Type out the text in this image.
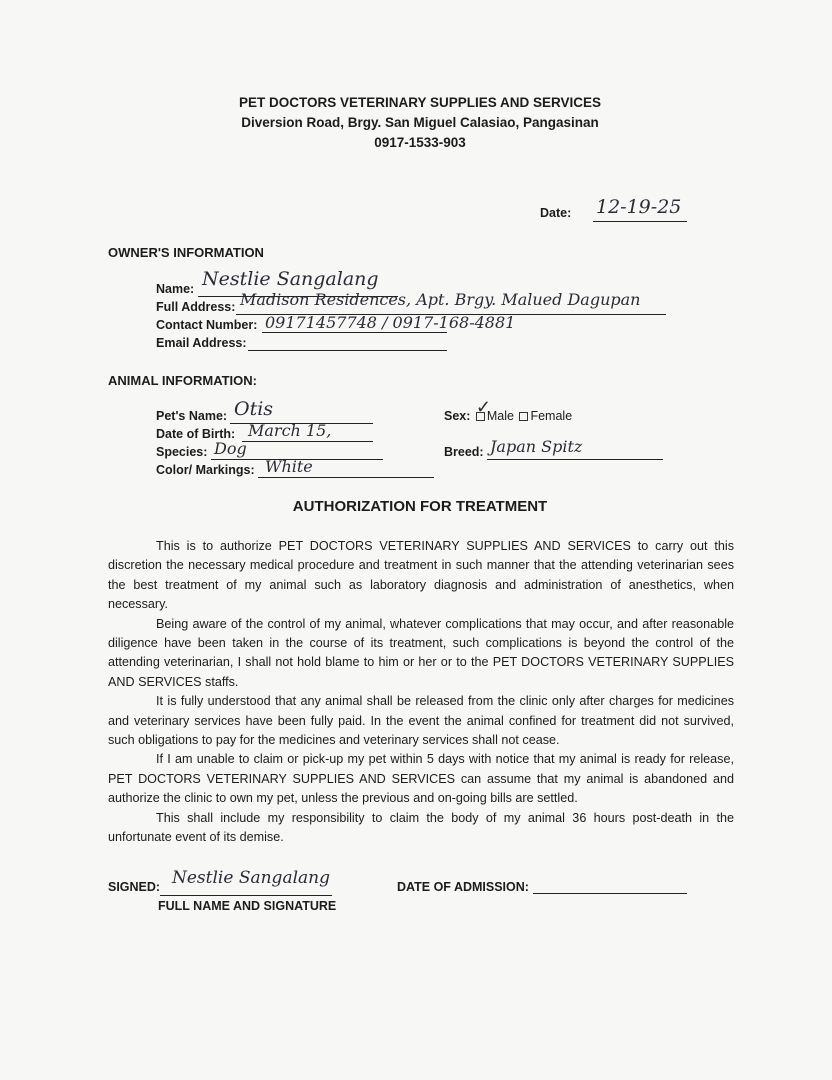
PET DOCTORS VETERINARY SUPPLIES AND SERVICES
Diversion Road, Brgy. San Miguel Calasiao, Pangasinan
0917-1533-903
Date: 12-19-25
OWNER'S INFORMATION
Name: Nestlie Sangalang
Full Address: Madison Residences, Apt. Brgy. Malued Dagupan
Contact Number: 09171457748 / 0917-168-4881
Email Address:
ANIMAL INFORMATION:
Pet's Name: Otis
Date of Birth: March 15,
Species: Dog
Color/ Markings: White
Sex: ✓
Male Female
Breed: Japan Spitz
AUTHORIZATION FOR TREATMENT

This is to authorize PET DOCTORS VETERINARY SUPPLIES AND SERVICES to carry out this discretion the necessary medical procedure and treatment in such manner that the attending veterinarian sees the best treatment of my animal such as laboratory diagnosis and administration of anesthetics, when necessary.

Being aware of the control of my animal, whatever complications that may occur, and after reasonable diligence have been taken in the course of its treatment, such complications is beyond the control of the attending veterinarian, I shall not hold blame to him or her or to the PET DOCTORS VETERINARY SUPPLIES AND SERVICES staffs.

It is fully understood that any animal shall be released from the clinic only after charges for medicines and veterinary services have been fully paid. In the event the animal confined for treatment did not survived, such obligations to pay for the medicines and veterinary services shall not cease.

If I am unable to claim or pick-up my pet within 5 days with notice that my animal is ready for release, PET DOCTORS VETERINARY SUPPLIES AND SERVICES can assume that my animal is abandoned and authorize the clinic to own my pet, unless the previous and on-going bills are settled.

This shall include my responsibility to claim the body of my animal 36 hours post-death in the unfortunate event of its demise.

SIGNED: Nestlie Sangalang
FULL NAME AND SIGNATURE
DATE OF ADMISSION:
